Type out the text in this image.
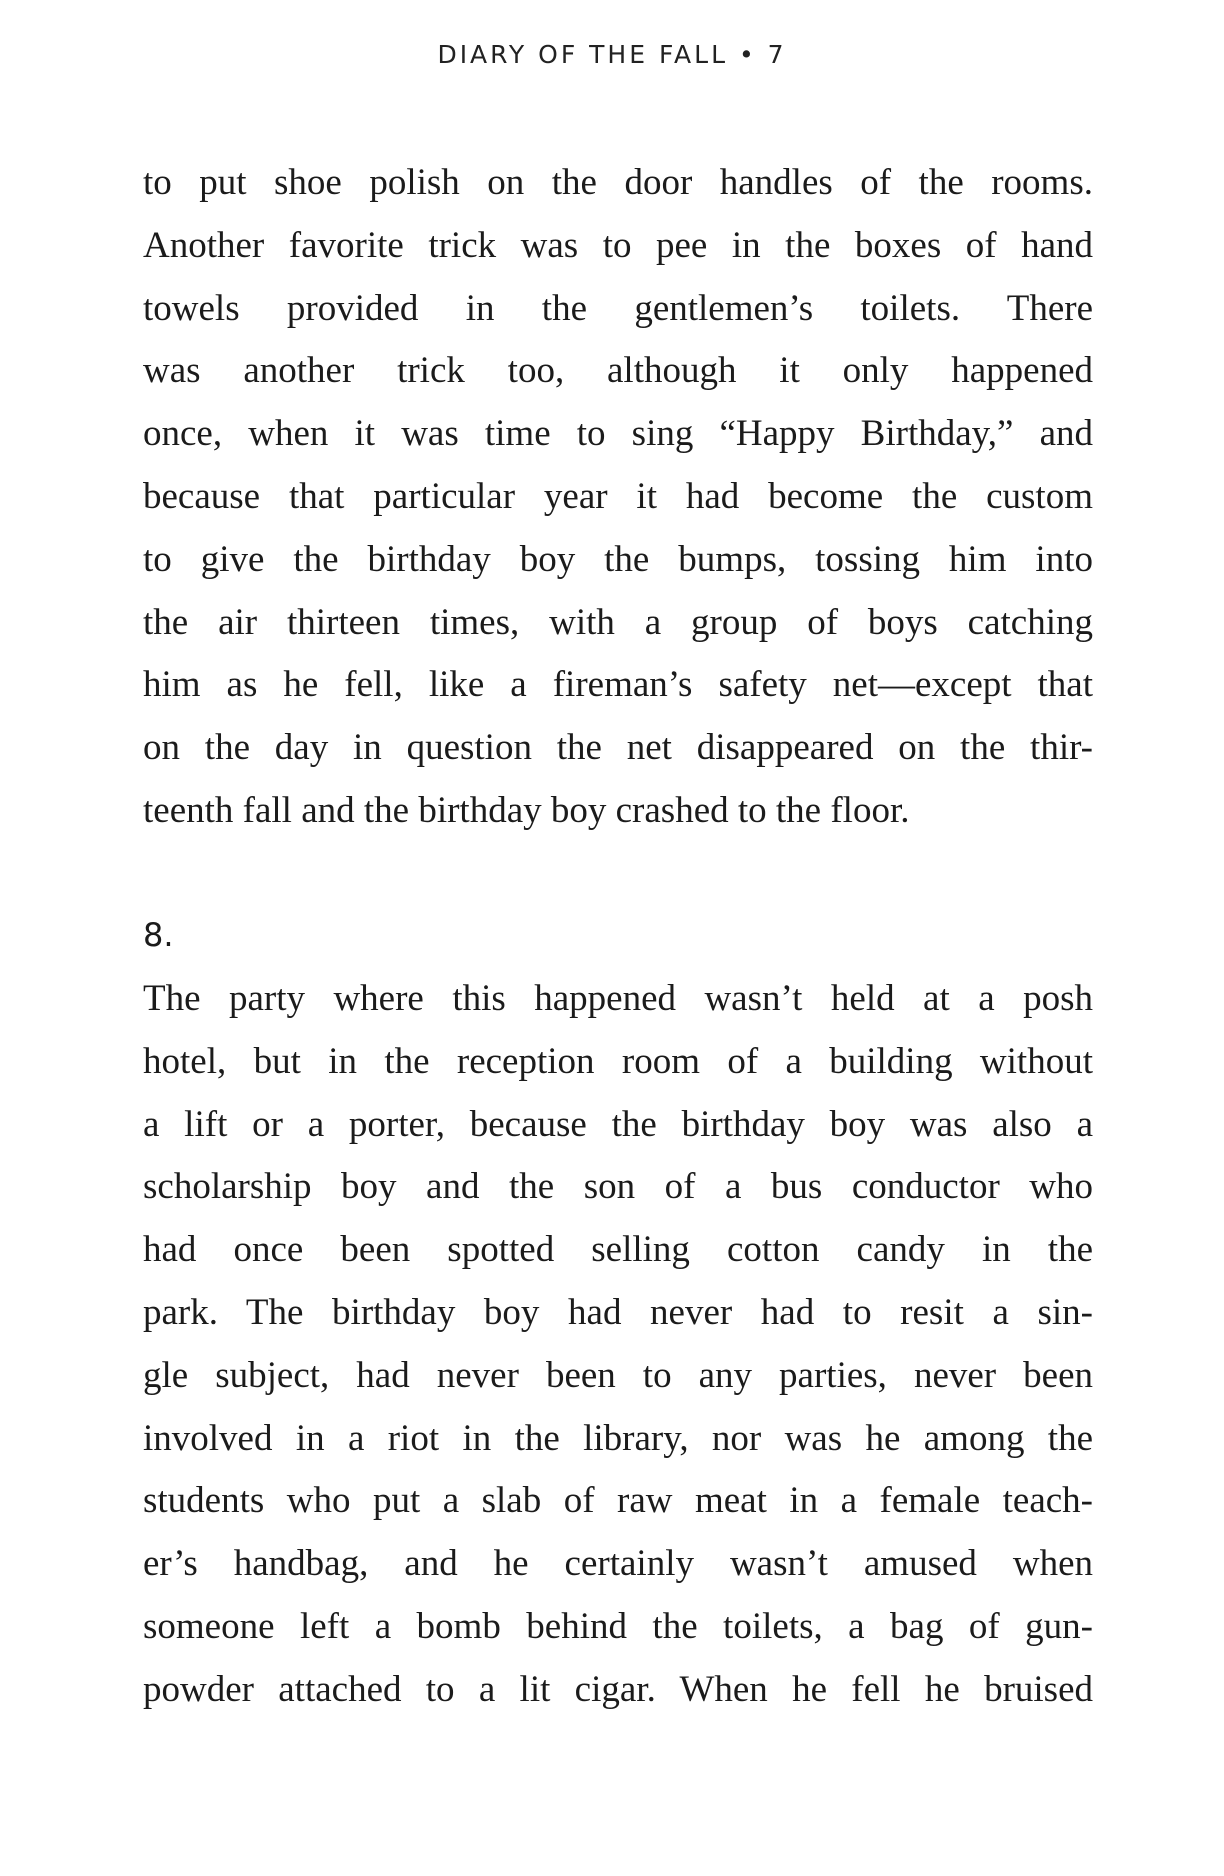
DIARY OF THE FALL • 7
to put shoe polish on the door handles of the rooms.
Another favorite trick was to pee in the boxes of hand
towels provided in the gentlemen’s toilets. There
was another trick too, although it only happened
once, when it was time to sing “Happy Birthday,” and
because that particular year it had become the custom
to give the birthday boy the bumps, tossing him into
the air thirteen times, with a group of boys catching
him as he fell, like a fireman’s safety net—except that
on the day in question the net disappeared on the thir-
teenth fall and the birthday boy crashed to the floor.
8.
The party where this happened wasn’t held at a posh
hotel, but in the reception room of a building without
a lift or a porter, because the birthday boy was also a
scholarship boy and the son of a bus conductor who
had once been spotted selling cotton candy in the
park. The birthday boy had never had to resit a sin-
gle subject, had never been to any parties, never been
involved in a riot in the library, nor was he among the
students who put a slab of raw meat in a female teach-
er’s handbag, and he certainly wasn’t amused when
someone left a bomb behind the toilets, a bag of gun-
powder attached to a lit cigar. When he fell he bruised
